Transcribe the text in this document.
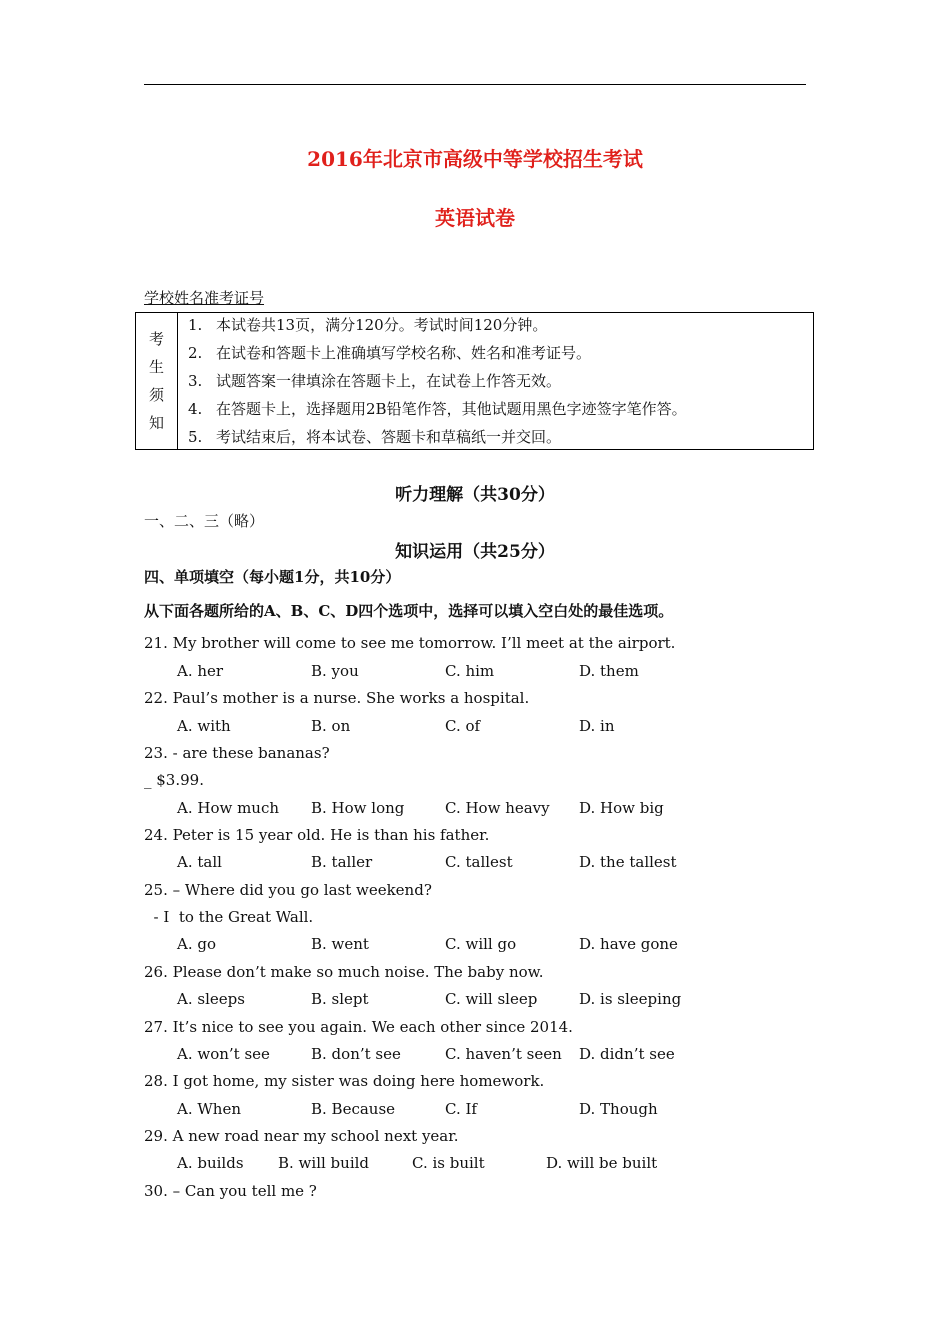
2016年北京市高级中等学校招生考试
英语试卷
学校姓名准考证号
考
生
须
知
1. 本试卷共13页，满分120分。考试时间120分钟。
2. 在试卷和答题卡上准确填写学校名称、姓名和准考证号。
3. 试题答案一律填涂在答题卡上，在试卷上作答无效。
4. 在答题卡上，选择题用2B铅笔作答，其他试题用黑色字迹签字笔作答。
5. 考试结束后，将本试卷、答题卡和草稿纸一并交回。
听力理解（共30分）
一、二、三（略）
知识运用（共25分）
四、单项填空（每小题1分，共10分）
从下面各题所给的A、B、C、D四个选项中，选择可以填入空白处的最佳选项。
21. My brother will come to see me tomorrow. I’ll meet at the airport.
A. her	B. you	C. him	D. them
22. Paul’s mother is a nurse. She works a hospital.
A. with	B. on	C. of	D. in
23. - are these bananas?
_ $3.99.
A. How much B. How long	C. How heavy D. How big
24. Peter is 15 year old. He is than his father.
A. tall	B. taller	C. tallest	D. the tallest
25. – Where did you go last weekend?
- I  to the Great Wall.
A. go	B. went	C. will go	D. have gone
26. Please don’t make so much noise. The baby now.
A. sleeps	B. slept	C. will sleep	D. is sleeping
27. It’s nice to see you again. We each other since 2014.
A. won’t see	B. don’t see	C. haven’t seen D. didn’t see
28. I got home, my sister was doing here homework.
A. When	B. Because	C. If	D. Though
29. A new road near my school next year.
A. builds B. will build	C. is built	D. will be built
30. – Can you tell me ?
